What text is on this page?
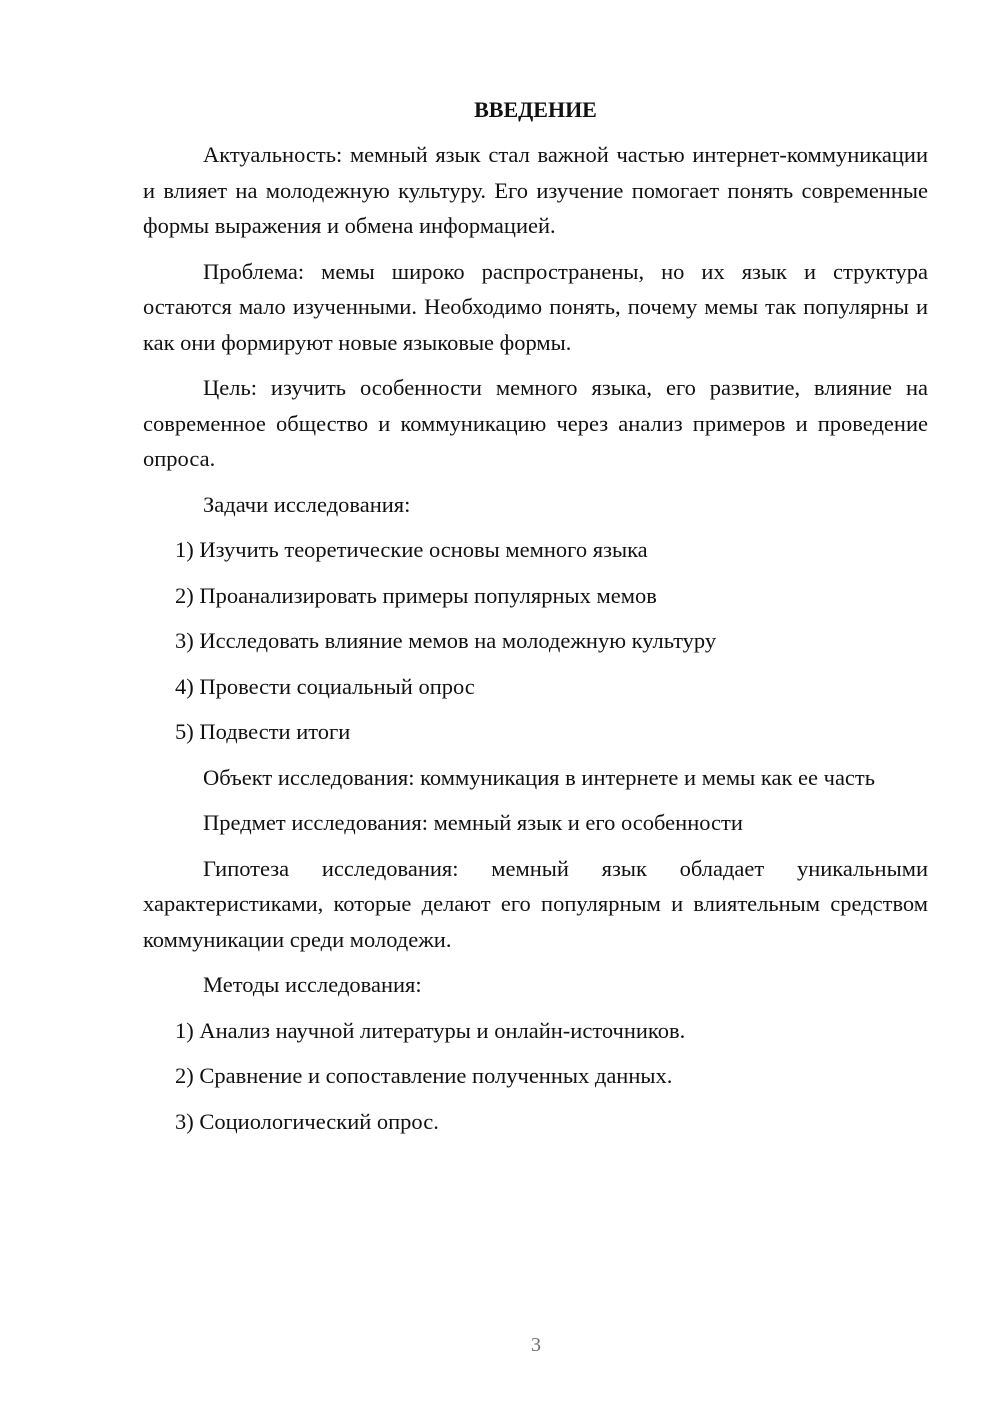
ВВЕДЕНИЕ

Актуальность: мемный язык стал важной частью интернет-коммуникации и влияет на молодежную культуру. Его изучение помогает понять современные формы выражения и обмена информацией.

Проблема: мемы широко распространены, но их язык и структура остаются мало изученными. Необходимо понять, почему мемы так популярны и как они формируют новые языковые формы.

Цель: изучить особенности мемного языка, его развитие, влияние на современное общество и коммуникацию через анализ примеров и проведение опроса.

Задачи исследования:

1) Изучить теоретические основы мемного языка

2) Проанализировать примеры популярных мемов

3) Исследовать влияние мемов на молодежную культуру

4) Провести социальный опрос

5) Подвести итоги

Объект исследования: коммуникация в интернете и мемы как ее часть

Предмет исследования: мемный язык и его особенности

Гипотеза исследования: мемный язык обладает уникальными характеристиками, которые делают его популярным и влиятельным средством коммуникации среди молодежи.

Методы исследования:

1) Анализ научной литературы и онлайн-источников.

2) Сравнение и сопоставление полученных данных.

3) Социологический опрос.

3
